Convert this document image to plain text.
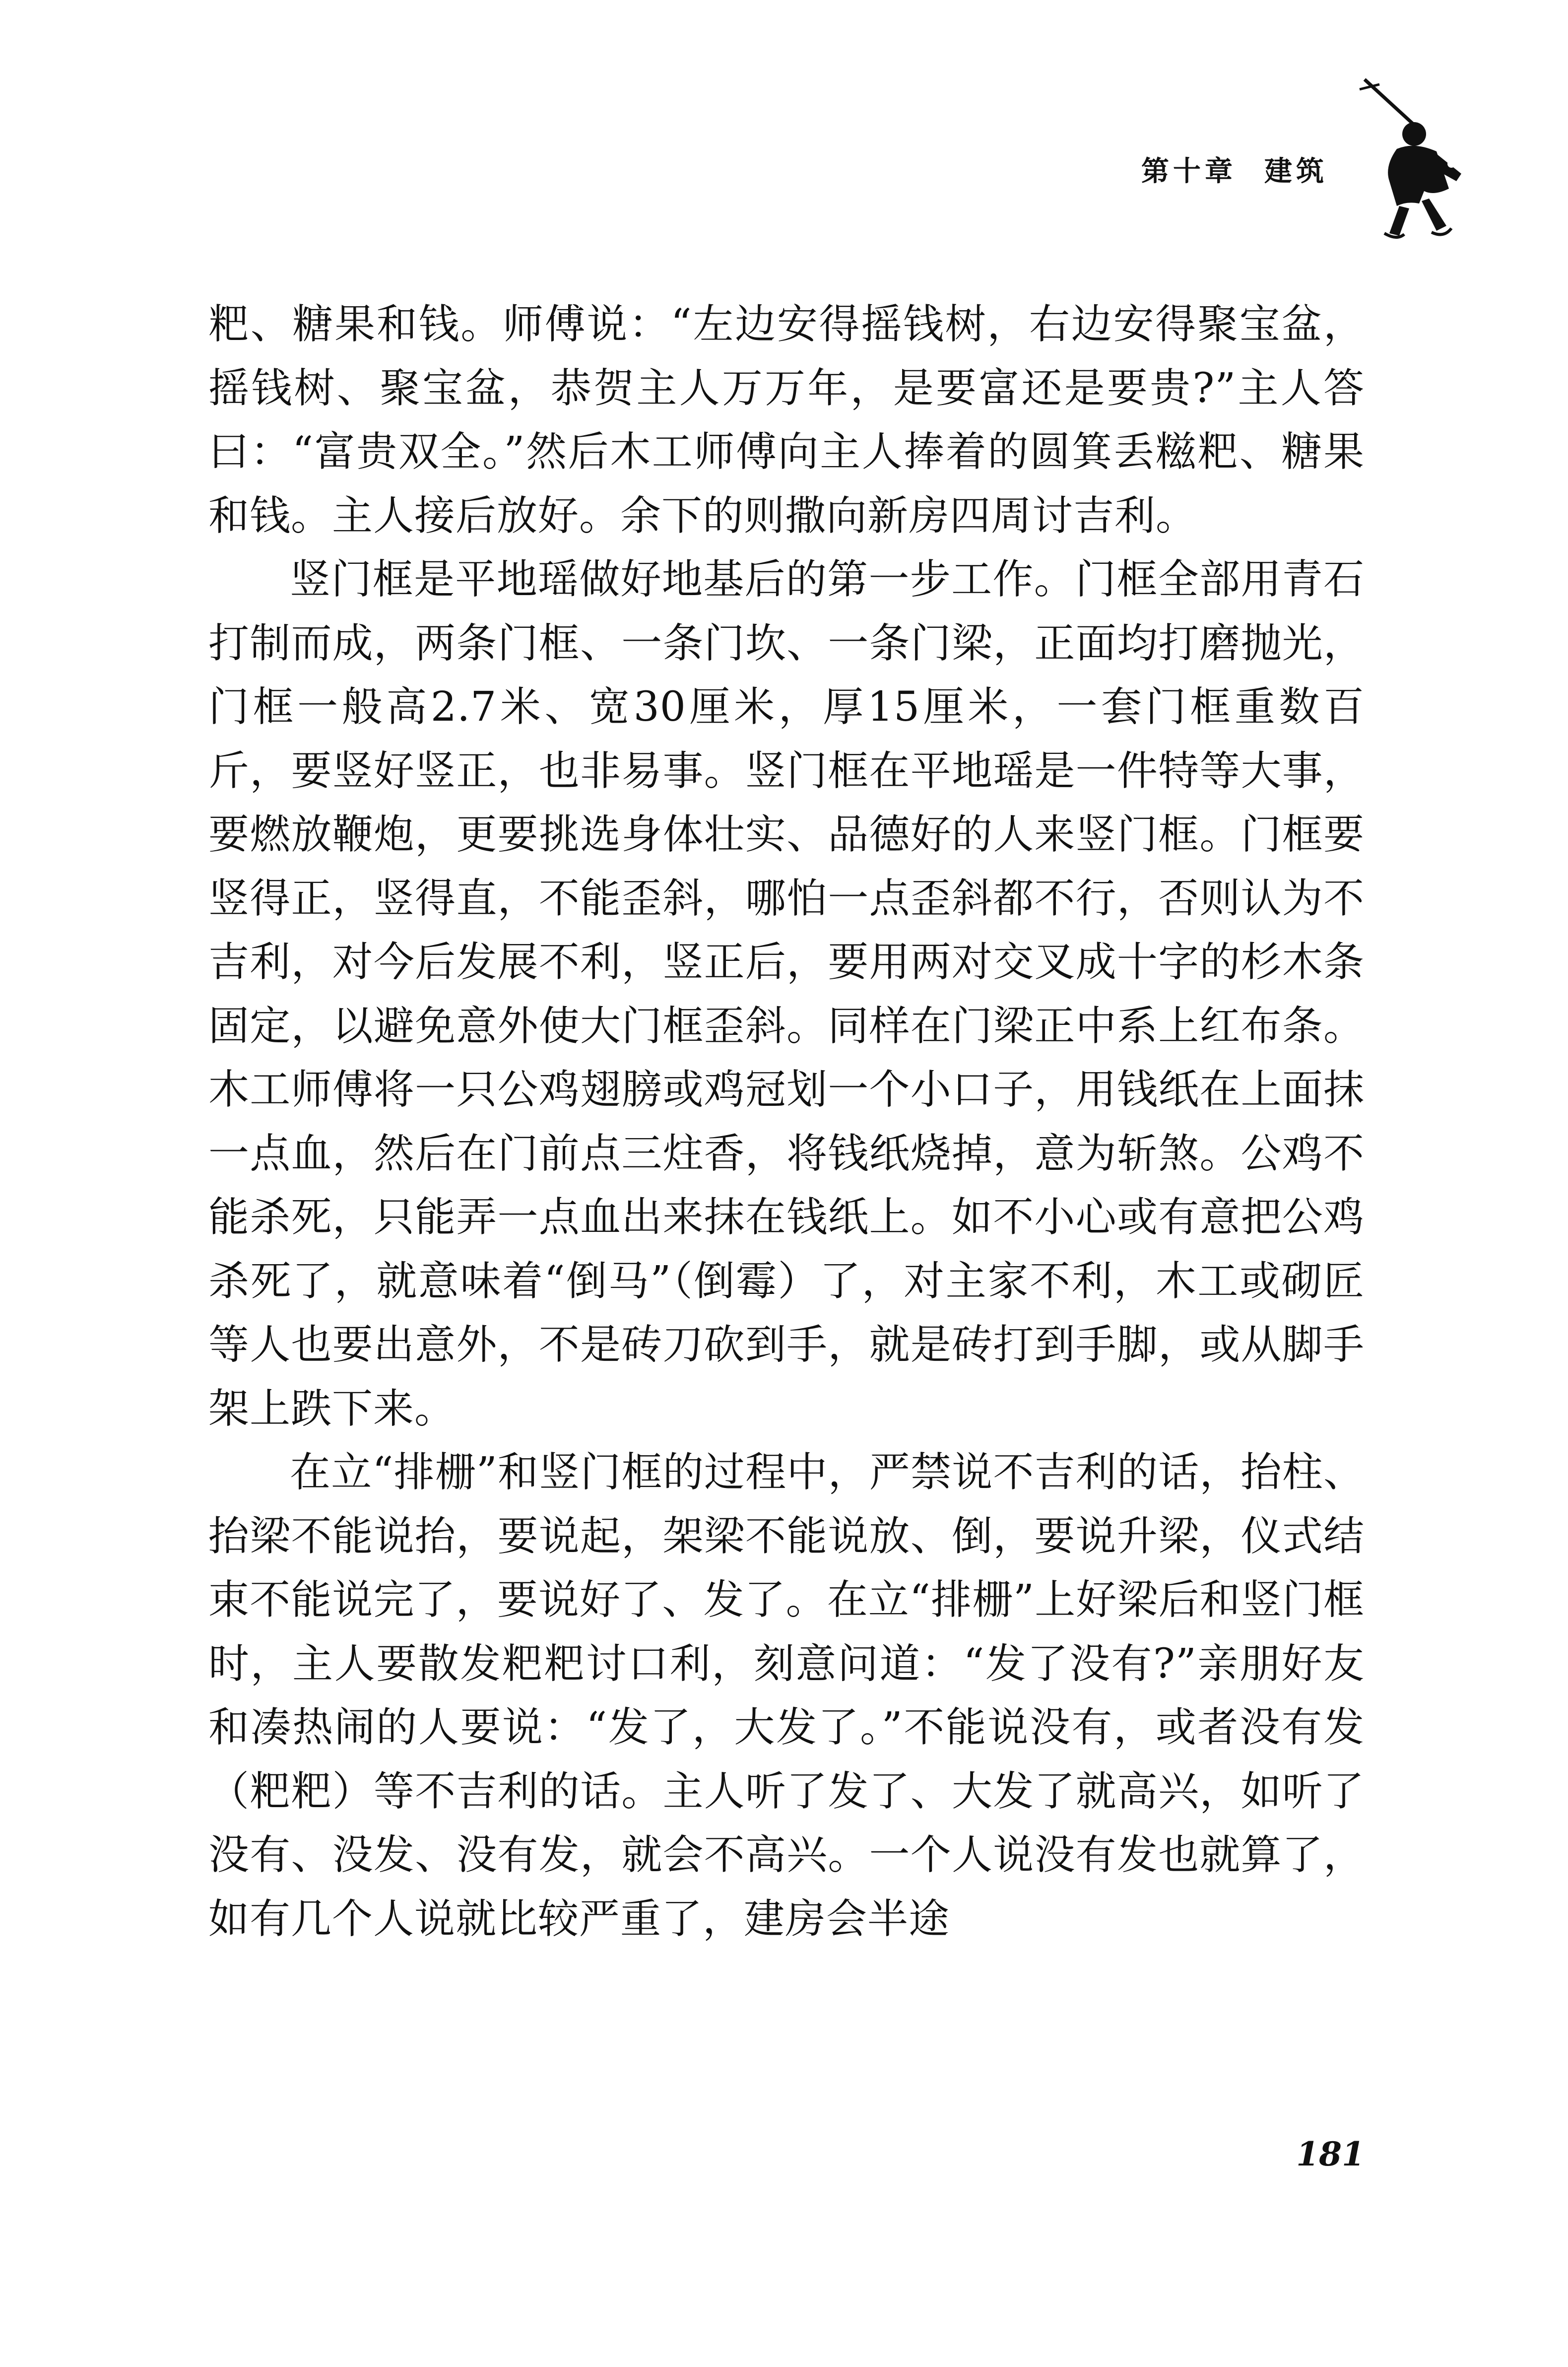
第十章 建筑

粑、糖果和钱。师傅说：“左边安得摇钱树，右边安得聚宝盆，摇钱树、聚宝盆，恭贺主人万万年，是要富还是要贵?”主人答曰：“富贵双全。”然后木工师傅向主人捧着的圆箕丢糍粑、糖果和钱。主人接后放好。余下的则撒向新房四周讨吉利。

竖门框是平地瑶做好地基后的第一步工作。门框全部用青石打制而成，两条门框、一条门坎、一条门梁，正面均打磨抛光，门框一般高2.7米、宽30厘米，厚15厘米，一套门框重数百斤，要竖好竖正，也非易事。竖门框在平地瑶是一件特等大事，要燃放鞭炮，更要挑选身体壮实、品德好的人来竖门框。门框要竖得正，竖得直，不能歪斜，哪怕一点歪斜都不行，否则认为不吉利，对今后发展不利，竖正后，要用两对交叉成十字的杉木条固定，以避免意外使大门框歪斜。同样在门梁正中系上红布条。木工师傅将一只公鸡翅膀或鸡冠划一个小口子，用钱纸在上面抹一点血，然后在门前点三炷香，将钱纸烧掉，意为斩煞。公鸡不能杀死，只能弄一点血出来抹在钱纸上。如不小心或有意把公鸡杀死了，就意味着“倒马”（倒霉）了，对主家不利，木工或砌匠等人也要出意外，不是砖刀砍到手，就是砖打到手脚，或从脚手架上跌下来。

在立“排栅”和竖门框的过程中，严禁说不吉利的话，抬柱、抬梁不能说抬，要说起，架梁不能说放、倒，要说升梁，仪式结束不能说完了，要说好了、发了。在立“排栅”上好梁后和竖门框时，主人要散发粑粑讨口利，刻意问道：“发了没有?”亲朋好友和凑热闹的人要说：“发了，大发了。”不能说没有，或者没有发（粑粑）等不吉利的话。主人听了发了、大发了就高兴，如听了没有、没发、没有发，就会不高兴。一个人说没有发也就算了，如有几个人说就比较严重了，建房会半途

181
